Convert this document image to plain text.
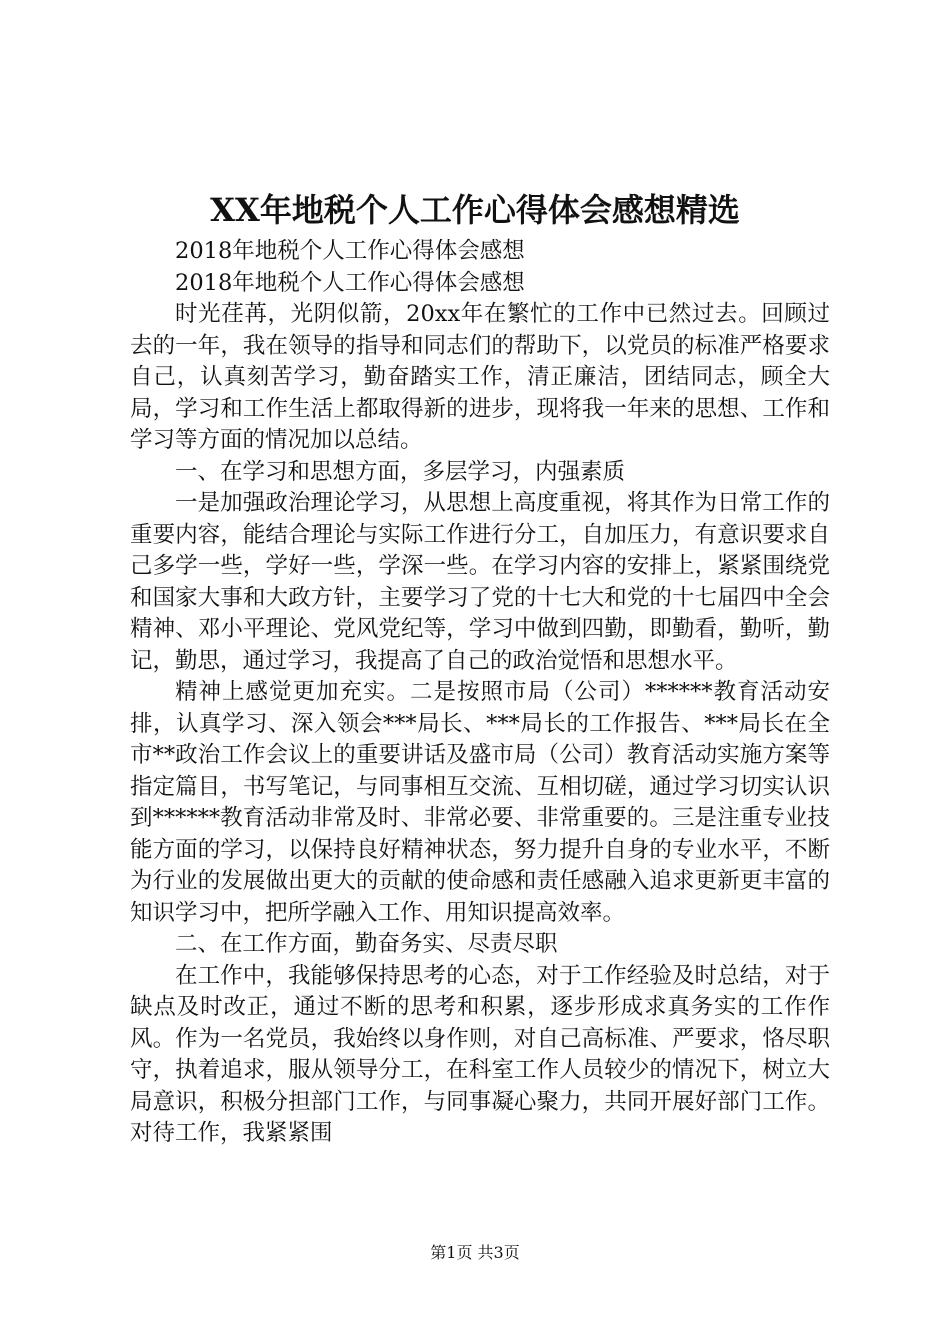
XX年地税个人工作心得体会感想精选

2018年地税个人工作心得体会感想

2018年地税个人工作心得体会感想

时光荏苒，光阴似箭，20xx年在繁忙的工作中已然过去。回顾过去的一年，我在领导的指导和同志们的帮助下，以党员的标准严格要求自己，认真刻苦学习，勤奋踏实工作，清正廉洁，团结同志，顾全大局，学习和工作生活上都取得新的进步，现将我一年来的思想、工作和学习等方面的情况加以总结。

一、在学习和思想方面，多层学习，内强素质

一是加强政治理论学习，从思想上高度重视，将其作为日常工作的重要内容，能结合理论与实际工作进行分工，自加压力，有意识要求自己多学一些，学好一些，学深一些。在学习内容的安排上，紧紧围绕党和国家大事和大政方针，主要学习了党的十七大和党的十七届四中全会精神、邓小平理论、党风党纪等，学习中做到四勤，即勤看，勤听，勤记，勤思，通过学习，我提高了自己的政治觉悟和思想水平。

精神上感觉更加充实。二是按照市局（公司）******教育活动安排，认真学习、深入领会***局长、***局长的工作报告、***局长在全市**政治工作会议上的重要讲话及盛市局（公司）教育活动实施方案等指定篇目，书写笔记，与同事相互交流、互相切磋，通过学习切实认识到******教育活动非常及时、非常必要、非常重要的。三是注重专业技能方面的学习，以保持良好精神状态，努力提升自身的专业水平，不断为行业的发展做出更大的贡献的使命感和责任感融入追求更新更丰富的知识学习中，把所学融入工作、用知识提高效率。

二、在工作方面，勤奋务实、尽责尽职

在工作中，我能够保持思考的心态，对于工作经验及时总结，对于缺点及时改正，通过不断的思考和积累，逐步形成求真务实的工作作风。作为一名党员，我始终以身作则，对自己高标准、严要求，恪尽职守，执着追求，服从领导分工，在科室工作人员较少的情况下，树立大局意识，积极分担部门工作，与同事凝心聚力，共同开展好部门工作。对待工作，我紧紧围

第1页 共3页
